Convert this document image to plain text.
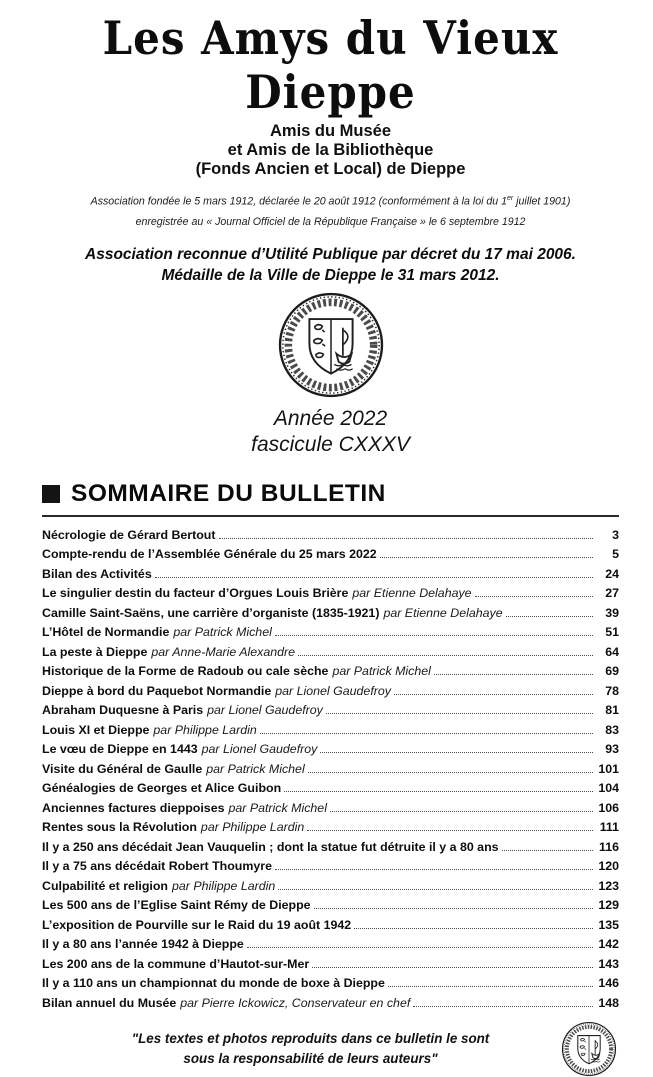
Les Amys du Vieux Dieppe
Amis du Musée
et Amis de la Bibliothèque
(Fonds Ancien et Local) de Dieppe
Association fondée le 5 mars 1912, déclarée le 20 août 1912 (conformément à la loi du 1er juillet 1901)
enregistrée au « Journal Officiel de la République Française » le 6 septembre 1912
Association reconnue d’Utilité Publique par décret du 17 mai 2006.
Médaille de la Ville de Dieppe le 31 mars 2012.
Année 2022
fascicule CXXXV
SOMMAIRE DU BULLETIN
Nécrologie de Gérard Bertout	3
Compte-rendu de l’Assemblée Générale du 25 mars 2022	5
Bilan des Activités	24
Le singulier destin du facteur d’Orgues Louis Brière par Etienne Delahaye	27
Camille Saint-Saëns, une carrière d’organiste (1835-1921) par Etienne Delahaye	39
L’Hôtel de Normandie par Patrick Michel	51
La peste à Dieppe par Anne-Marie Alexandre	64
Historique de la Forme de Radoub ou cale sèche par Patrick Michel	69
Dieppe à bord du Paquebot Normandie par Lionel Gaudefroy	78
Abraham Duquesne à Paris par Lionel Gaudefroy	81
Louis XI et Dieppe par Philippe Lardin	83
Le vœu de Dieppe en 1443 par Lionel Gaudefroy	93
Visite du Général de Gaulle par Patrick Michel	101
Généalogies de Georges et Alice Guibon	104
Anciennes factures dieppoises par Patrick Michel	106
Rentes sous la Révolution par Philippe Lardin	111
Il y a 250 ans décédait Jean Vauquelin ; dont la statue fut détruite il y a 80 ans	116
Il y a 75 ans décédait Robert Thoumyre	120
Culpabilité et religion par Philippe Lardin	123
Les 500 ans de l’Eglise Saint Rémy de Dieppe	129
L’exposition de Pourville sur le Raid du 19 août 1942	135
Il y a 80 ans l’année 1942 à Dieppe	142
Les 200 ans de la commune d’Hautot-sur-Mer	143
Il y a 110 ans un championnat du monde de boxe à Dieppe	146
Bilan annuel du Musée par Pierre Ickowicz, Conservateur en chef	148
"Les textes et photos reproduits dans ce bulletin le sont
sous la responsabilité de leurs auteurs"
